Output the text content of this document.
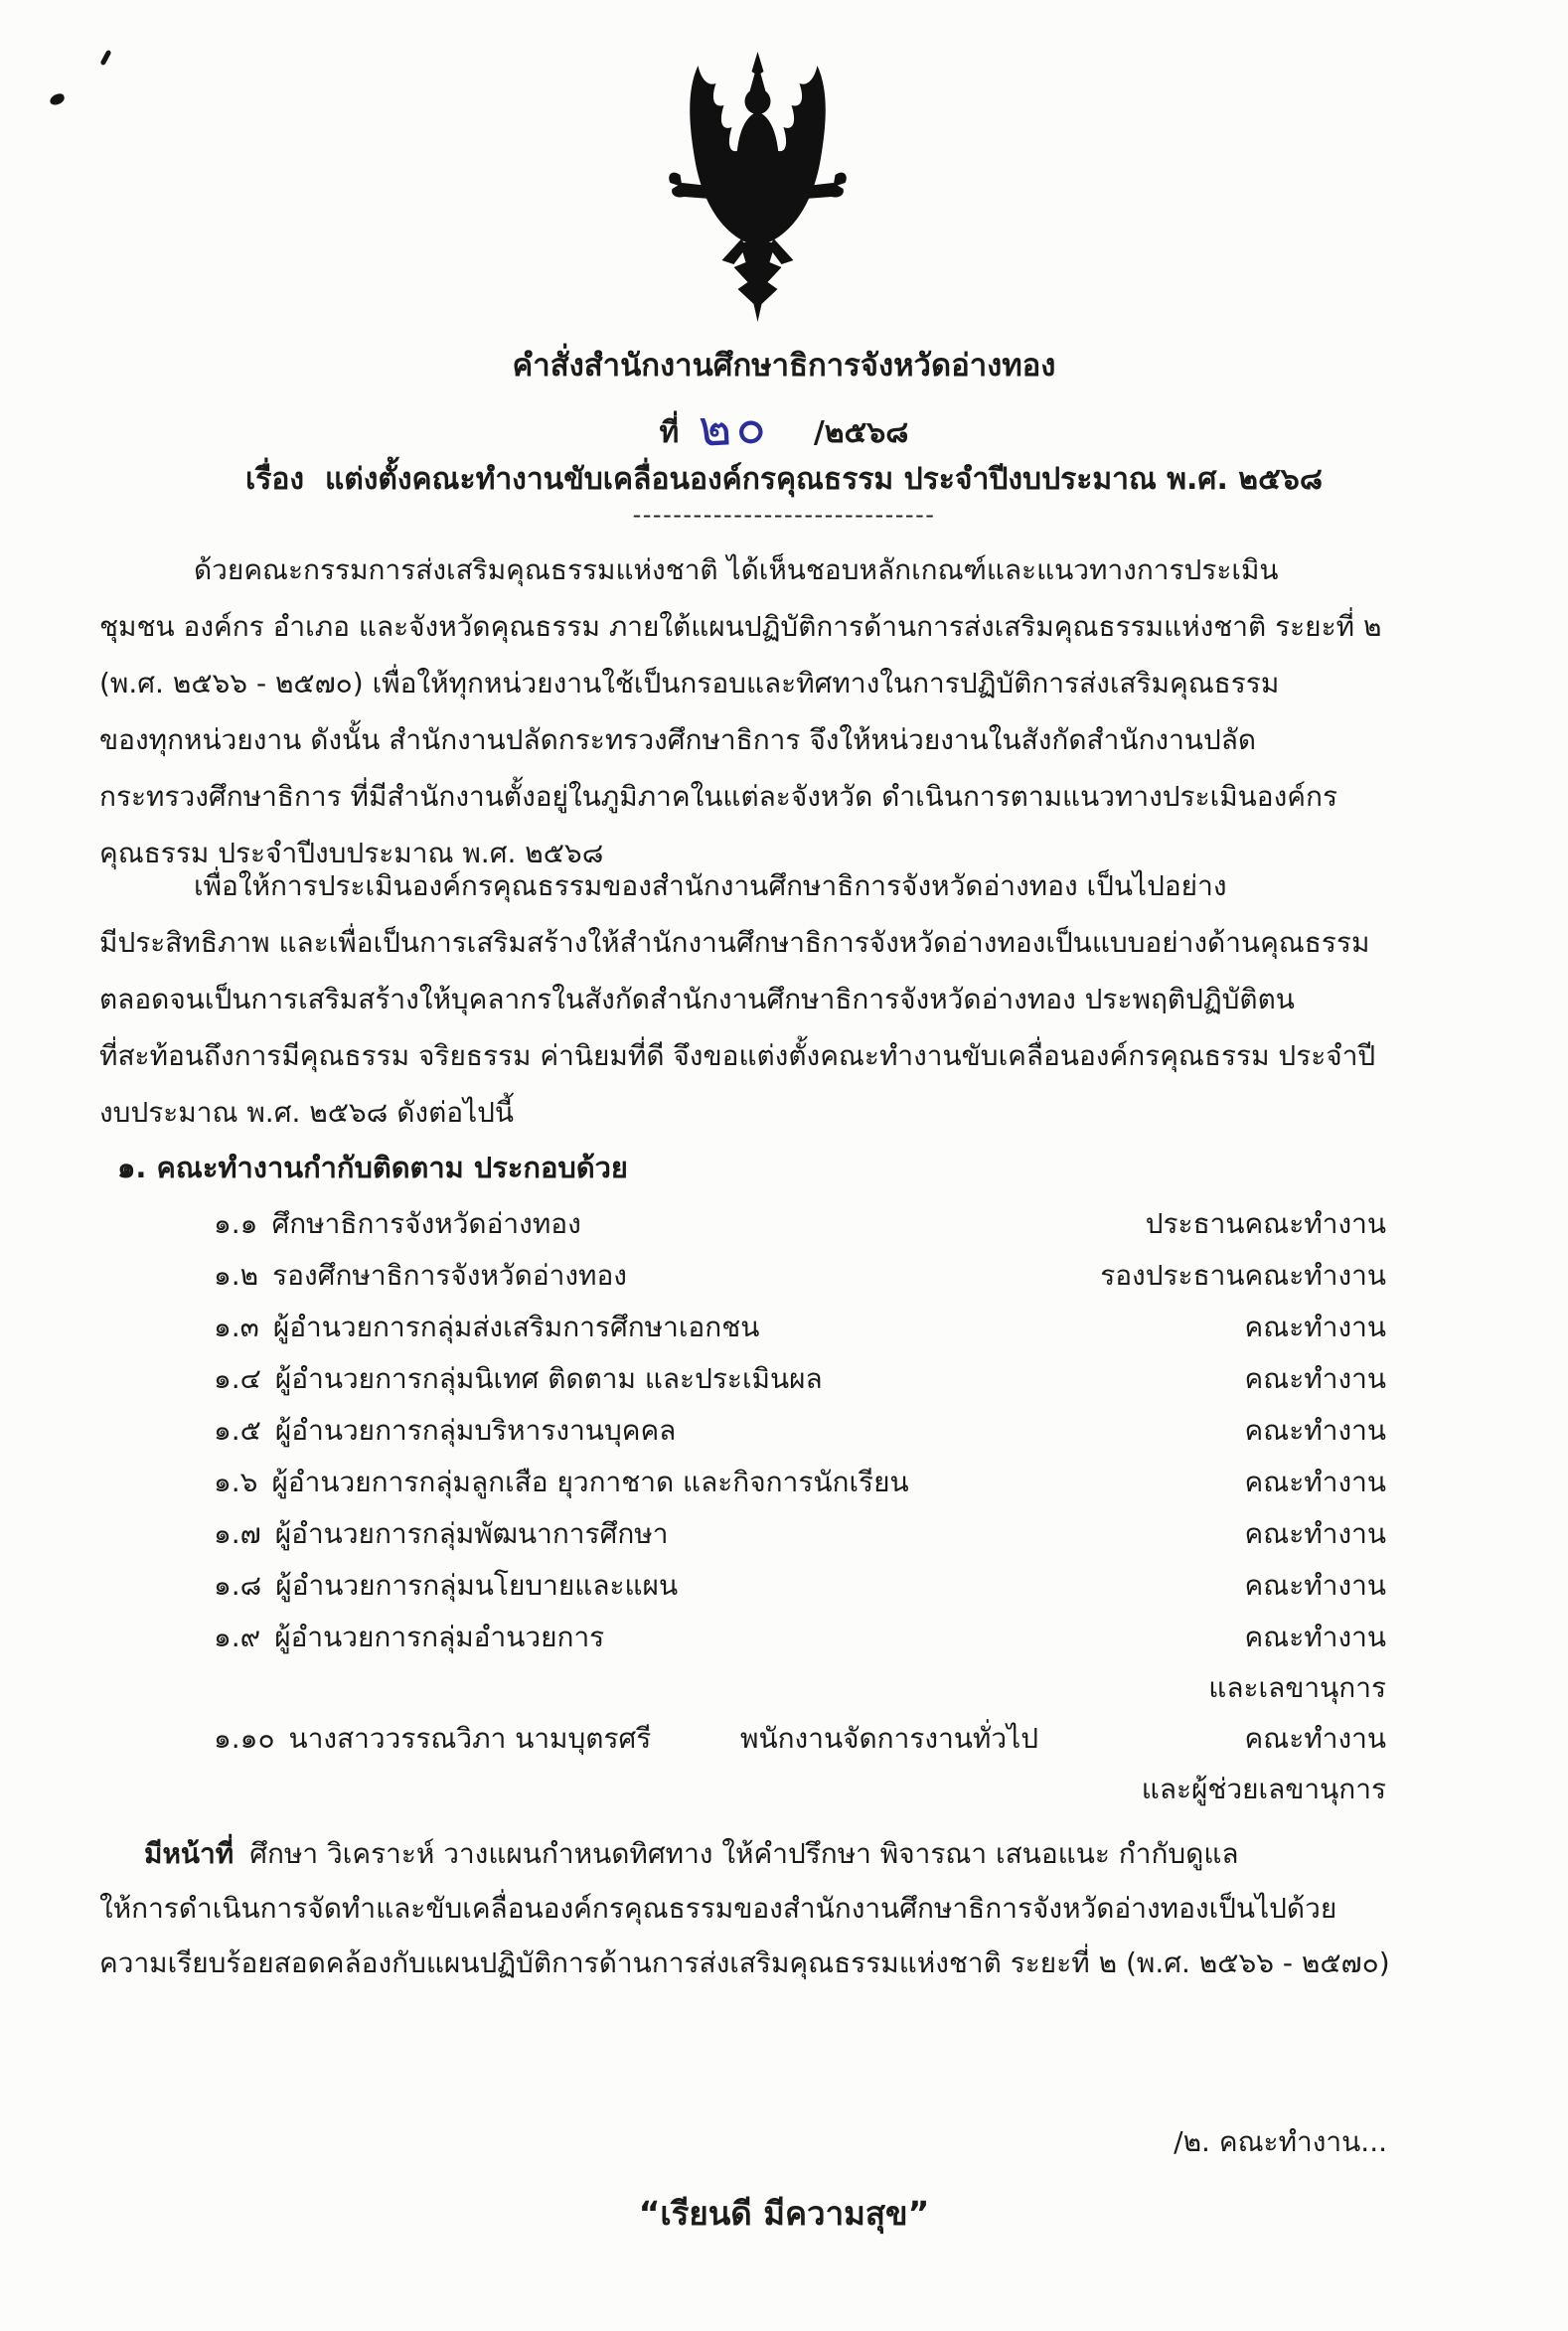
คำสั่งสำนักงานศึกษาธิการจังหวัดอ่างทอง
ที่ ๒๐ /๒๕๖๘
เรื่อง แต่งตั้งคณะทำงานขับเคลื่อนองค์กรคุณธรรม ประจำปีงบประมาณ พ.ศ. ๒๕๖๘
------------------------------
ด้วยคณะกรรมการส่งเสริมคุณธรรมแห่งชาติ ได้เห็นชอบหลักเกณฑ์และแนวทางการประเมิน
ชุมชน องค์กร อำเภอ และจังหวัดคุณธรรม ภายใต้แผนปฏิบัติการด้านการส่งเสริมคุณธรรมแห่งชาติ ระยะที่ ๒
(พ.ศ. ๒๕๖๖ - ๒๕๗๐) เพื่อให้ทุกหน่วยงานใช้เป็นกรอบและทิศทางในการปฏิบัติการส่งเสริมคุณธรรม
ของทุกหน่วยงาน ดังนั้น สำนักงานปลัดกระทรวงศึกษาธิการ จึงให้หน่วยงานในสังกัดสำนักงานปลัด
กระทรวงศึกษาธิการ ที่มีสำนักงานตั้งอยู่ในภูมิภาคในแต่ละจังหวัด ดำเนินการตามแนวทางประเมินองค์กร
คุณธรรม ประจำปีงบประมาณ พ.ศ. ๒๕๖๘
เพื่อให้การประเมินองค์กรคุณธรรมของสำนักงานศึกษาธิการจังหวัดอ่างทอง เป็นไปอย่าง
มีประสิทธิภาพ และเพื่อเป็นการเสริมสร้างให้สำนักงานศึกษาธิการจังหวัดอ่างทองเป็นแบบอย่างด้านคุณธรรม
ตลอดจนเป็นการเสริมสร้างให้บุคลากรในสังกัดสำนักงานศึกษาธิการจังหวัดอ่างทอง ประพฤติปฏิบัติตน
ที่สะท้อนถึงการมีคุณธรรม จริยธรรม ค่านิยมที่ดี จึงขอแต่งตั้งคณะทำงานขับเคลื่อนองค์กรคุณธรรม ประจำปี
งบประมาณ พ.ศ. ๒๕๖๘ ดังต่อไปนี้
๑. คณะทำงานกำกับติดตาม ประกอบด้วย
๑.๑ ศึกษาธิการจังหวัดอ่างทอง	ประธานคณะทำงาน
๑.๒ รองศึกษาธิการจังหวัดอ่างทอง	รองประธานคณะทำงาน
๑.๓ ผู้อำนวยการกลุ่มส่งเสริมการศึกษาเอกชน	คณะทำงาน
๑.๔ ผู้อำนวยการกลุ่มนิเทศ ติดตาม และประเมินผล	คณะทำงาน
๑.๕ ผู้อำนวยการกลุ่มบริหารงานบุคคล	คณะทำงาน
๑.๖ ผู้อำนวยการกลุ่มลูกเสือ ยุวกาชาด และกิจการนักเรียน	คณะทำงาน
๑.๗ ผู้อำนวยการกลุ่มพัฒนาการศึกษา	คณะทำงาน
๑.๘ ผู้อำนวยการกลุ่มนโยบายและแผน	คณะทำงาน
๑.๙ ผู้อำนวยการกลุ่มอำนวยการ	คณะทำงาน
และเลขานุการ
๑.๑๐ นางสาววรรณวิภา นามบุตรศรี	พนักงานจัดการงานทั่วไป	คณะทำงาน
และผู้ช่วยเลขานุการ
มีหน้าที่ ศึกษา วิเคราะห์ วางแผนกำหนดทิศทาง ให้คำปรึกษา พิจารณา เสนอแนะ กำกับดูแล
ให้การดำเนินการจัดทำและขับเคลื่อนองค์กรคุณธรรมของสำนักงานศึกษาธิการจังหวัดอ่างทองเป็นไปด้วย
ความเรียบร้อยสอดคล้องกับแผนปฏิบัติการด้านการส่งเสริมคุณธรรมแห่งชาติ ระยะที่ ๒ (พ.ศ. ๒๕๖๖ - ๒๕๗๐)
/๒. คณะทำงาน...
“เรียนดี มีความสุข”
